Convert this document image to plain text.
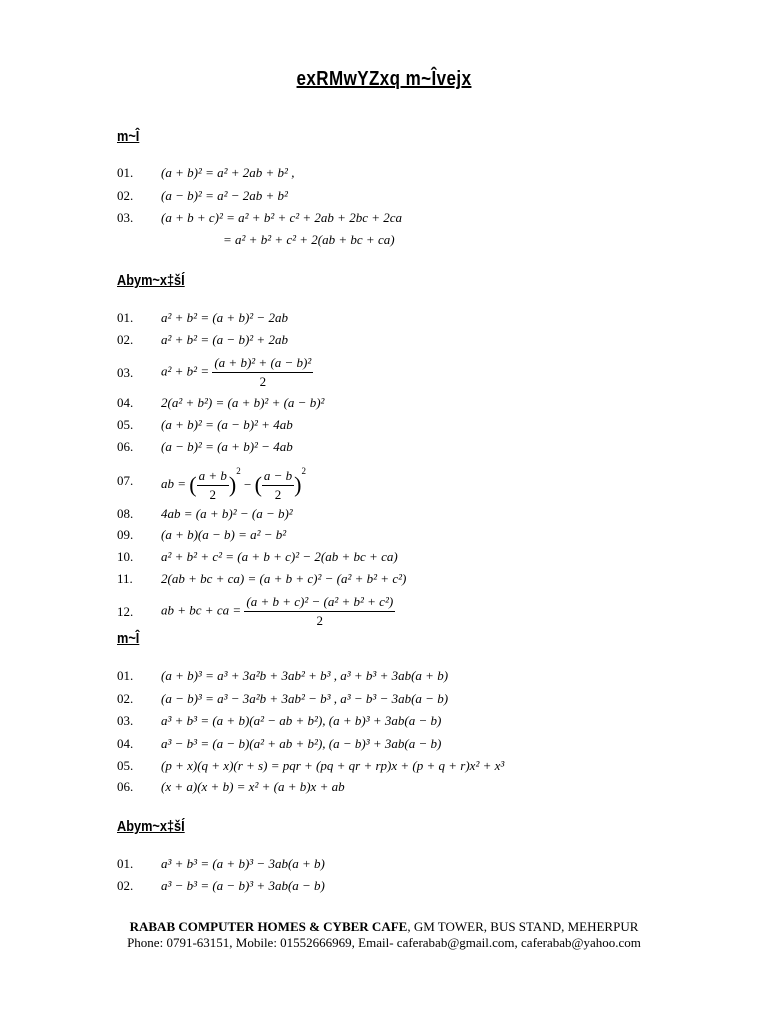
exRMwYZxq m~Îvejx
m~Î
01.	(a + b)² = a² + 2ab + b² ,
02.	(a − b)² = a² − 2ab + b²
03.	(a + b + c)² = a² + b² + c² + 2ab + 2bc + 2ca
= a² + b² + c² + 2(ab + bc + ca)
Abym~x‡šÍ
01.	a² + b² = (a + b)² − 2ab
02.	a² + b² = (a − b)² + 2ab
03.	$a^2 + b^2 = \frac{\text{(a + b)² + (a − b)²}}{2}$
04.	2(a² + b²) = (a + b)² + (a − b)²
05.	(a + b)² = (a − b)² + 4ab
06.	(a − b)² = (a + b)² − 4ab
07.	ab = ( $\frac{a + b}{2} )^2$ − ( $\frac{a - b}{2} )^2$
08.	4ab = (a + b)² − (a − b)²
09.	(a + b)(a − b) = a² − b²
10.	a² + b² + c² = (a + b + c)² − 2(ab + bc + ca)
11.	2(ab + bc + ca) = (a + b + c)² − (a² + b² + c²)
12.	ab + bc + ca = $\frac{\text{(a + b + c)² − (a² + b² + c²)}}{2}$
m~Î
01.	(a + b)³ = a³ + 3a²b + 3ab² + b³ , a³ + b³ + 3ab(a + b)
02.	(a − b)³ = a³ − 3a²b + 3ab² − b³ , a³ − b³ − 3ab(a − b)
03.	a³ + b³ = (a + b)(a² − ab + b²), (a + b)³ + 3ab(a − b)
04.	a³ − b³ = (a − b)(a² + ab + b²), (a − b)³ + 3ab(a − b)
05.	(p + x)(q + x)(r + s) = pqr + (pq + qr + rp)x + (p + q + r)x² + x³
06.	(x + a)(x + b) = x² + (a + b)x + ab
Abym~x‡šÍ
01.	a³ + b³ = (a + b)³ − 3ab(a + b)
02.	a³ − b³ = (a − b)³ + 3ab(a − b)
RABAB COMPUTER HOMES & CYBER CAFE, GM TOWER, BUS STAND, MEHERPUR
Phone: 0791-63151, Mobile: 01552666969, Email- caferabab@gmail.com, caferabab@yahoo.com
